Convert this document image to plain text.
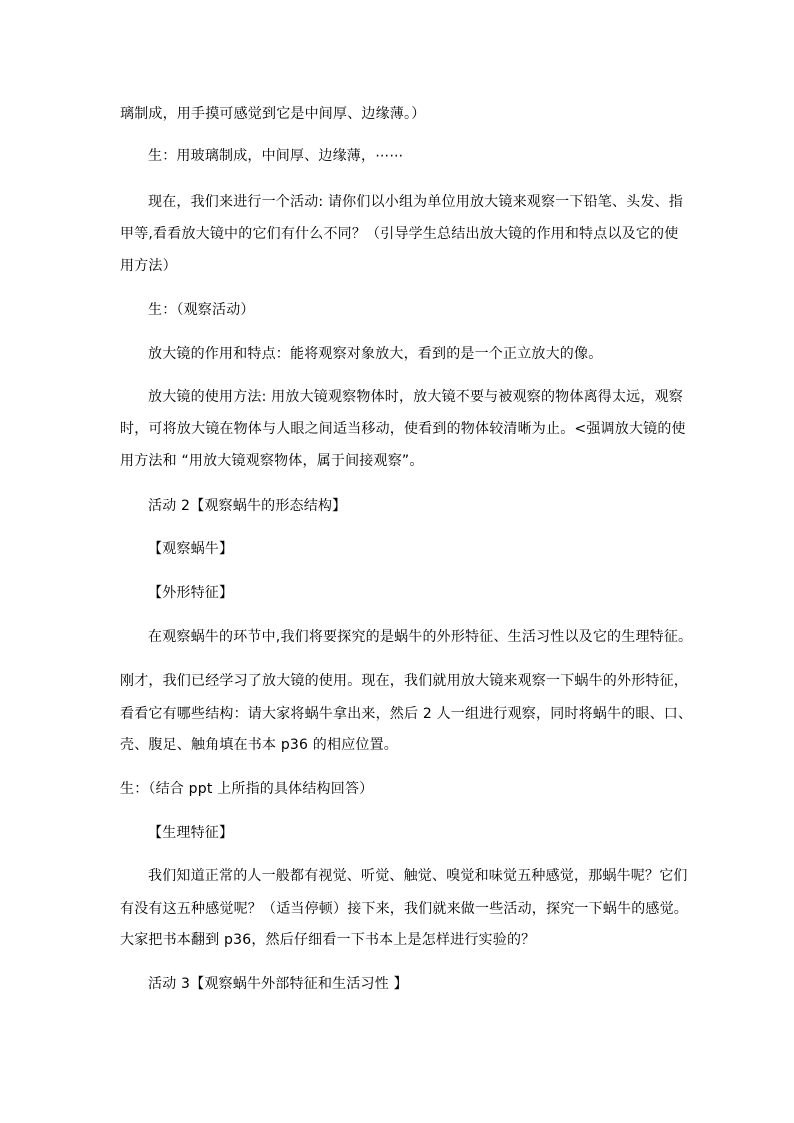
璃制成，用手摸可感觉到它是中间厚、边缘薄。）
生：用玻璃制成，中间厚、边缘薄，⋯⋯
现在，我们来进行一个活动: 请你们以小组为单位用放大镜来观察一下铅笔、头发、指
甲等,看看放大镜中的它们有什么不同？（引导学生总结出放大镜的作用和特点以及它的使
用方法）
生：（观察活动）
放大镜的作用和特点：能将观察对象放大，看到的是一个正立放大的像。
放大镜的使用方法: 用放大镜观察物体时，放大镜不要与被观察的物体离得太远，观察
时，可将放大镜在物体与人眼之间适当移动，使看到的物体较清晰为止。<强调放大镜的使
用方法和 “用放大镜观察物体，属于间接观察”。
活动 2【观察蜗牛的形态结构】
【观察蜗牛】
【外形特征】
在观察蜗牛的环节中,我们将要探究的是蜗牛的外形特征、生活习性以及它的生理特征。
刚才，我们已经学习了放大镜的使用。现在，我们就用放大镜来观察一下蜗牛的外形特征，
看看它有哪些结构：请大家将蜗牛拿出来，然后 2 人一组进行观察，同时将蜗牛的眼、口、
壳、腹足、触角填在书本 p36 的相应位置。
生：（结合 ppt 上所指的具体结构回答）
【生理特征】
我们知道正常的人一般都有视觉、听觉、触觉、嗅觉和味觉五种感觉，那蜗牛呢？它们
有没有这五种感觉呢？（适当停顿）接下来，我们就来做一些活动，探究一下蜗牛的感觉。
大家把书本翻到 p36，然后仔细看一下书本上是怎样进行实验的？
活动 3【观察蜗牛外部特征和生活习性 】
